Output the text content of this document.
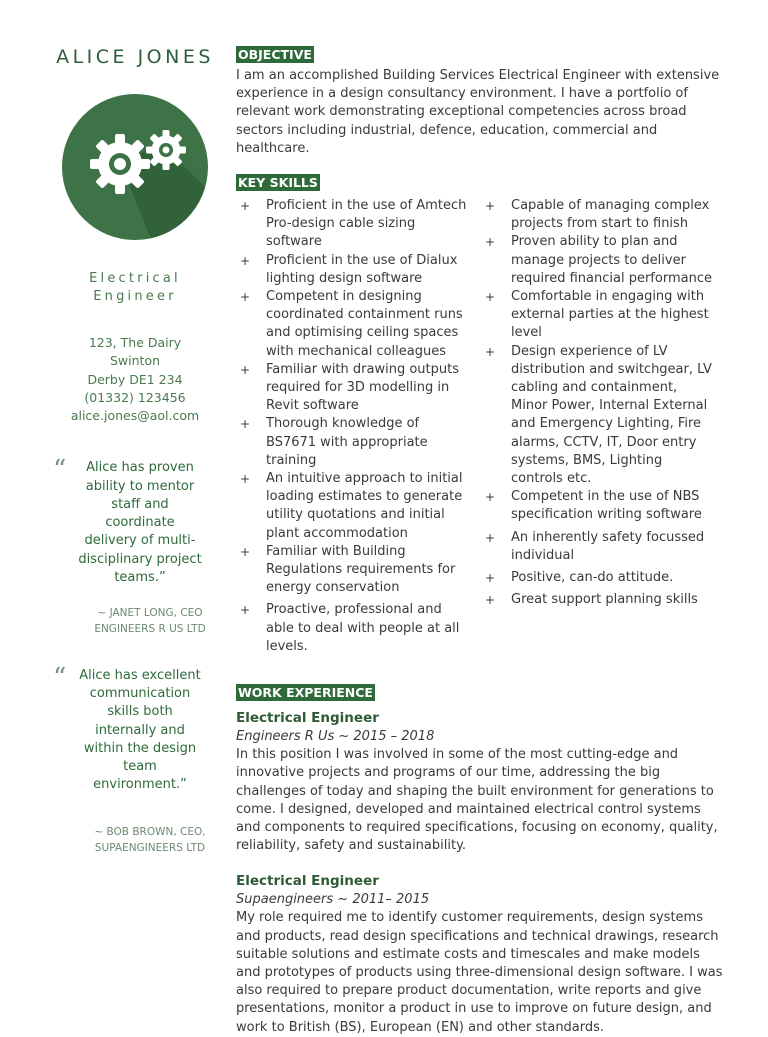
ALICE JONES
Electrical
Engineer
123, The Dairy
Swinton
Derby DE1 234
(01332) 123456
alice.jones@aol.com
“	Alice has proven ability to mentor staff and coordinate delivery of multi-disciplinary project teams.”
~ JANET LONG, CEO
ENGINEERS R US LTD
“ Alice has excellent communication skills both internally and within the design team environment.”
~ BOB BROWN, CEO,
SUPAENGINEERS LTD
OBJECTIVE

I am an accomplished Building Services Electrical Engineer with extensive experience in a design consultancy environment. I have a portfolio of relevant work demonstrating exceptional competencies across broad sectors including industrial, defence, education, commercial and healthcare.

KEY SKILLS
+	Proficient in the use of Amtech Pro-design cable sizing software
+	Proficient in the use of Dialux lighting design software
+	Competent in designing coordinated containment runs and optimising ceiling spaces with mechanical colleagues
+	Familiar with drawing outputs required for 3D modelling in Revit software
+	Thorough knowledge of BS7671 with appropriate training
+	An intuitive approach to initial loading estimates to generate utility quotations and initial plant accommodation
+	Familiar with Building Regulations requirements for energy conservation
+	Proactive, professional and able to deal with people at all levels.
+	Capable of managing complex projects from start to finish
+	Proven ability to plan and manage projects to deliver required financial performance
+	Comfortable in engaging with external parties at the highest level
+	Design experience of LV distribution and switchgear, LV cabling and containment, Minor Power, Internal External and Emergency Lighting, Fire alarms, CCTV, IT, Door entry systems, BMS, Lighting controls etc.
+	Competent in the use of NBS specification writing software
+	An inherently safety focussed individual
+	Positive, can-do attitude.
+	Great support planning skills
WORK EXPERIENCE
Electrical Engineer
Engineers R Us ~ 2015 – 2018

In this position I was involved in some of the most cutting-edge and innovative projects and programs of our time, addressing the big challenges of today and shaping the built environment for generations to come. I designed, developed and maintained electrical control systems and components to required specifications, focusing on economy, quality, reliability, safety and sustainability.

Electrical Engineer
Supaengineers ~ 2011– 2015

My role required me to identify customer requirements, design systems and products, read design specifications and technical drawings, research suitable solutions and estimate costs and timescales and make models and prototypes of products using three-dimensional design software. I was also required to prepare product documentation, write reports and give presentations, monitor a product in use to improve on future design, and work to British (BS), European (EN) and other standards.
